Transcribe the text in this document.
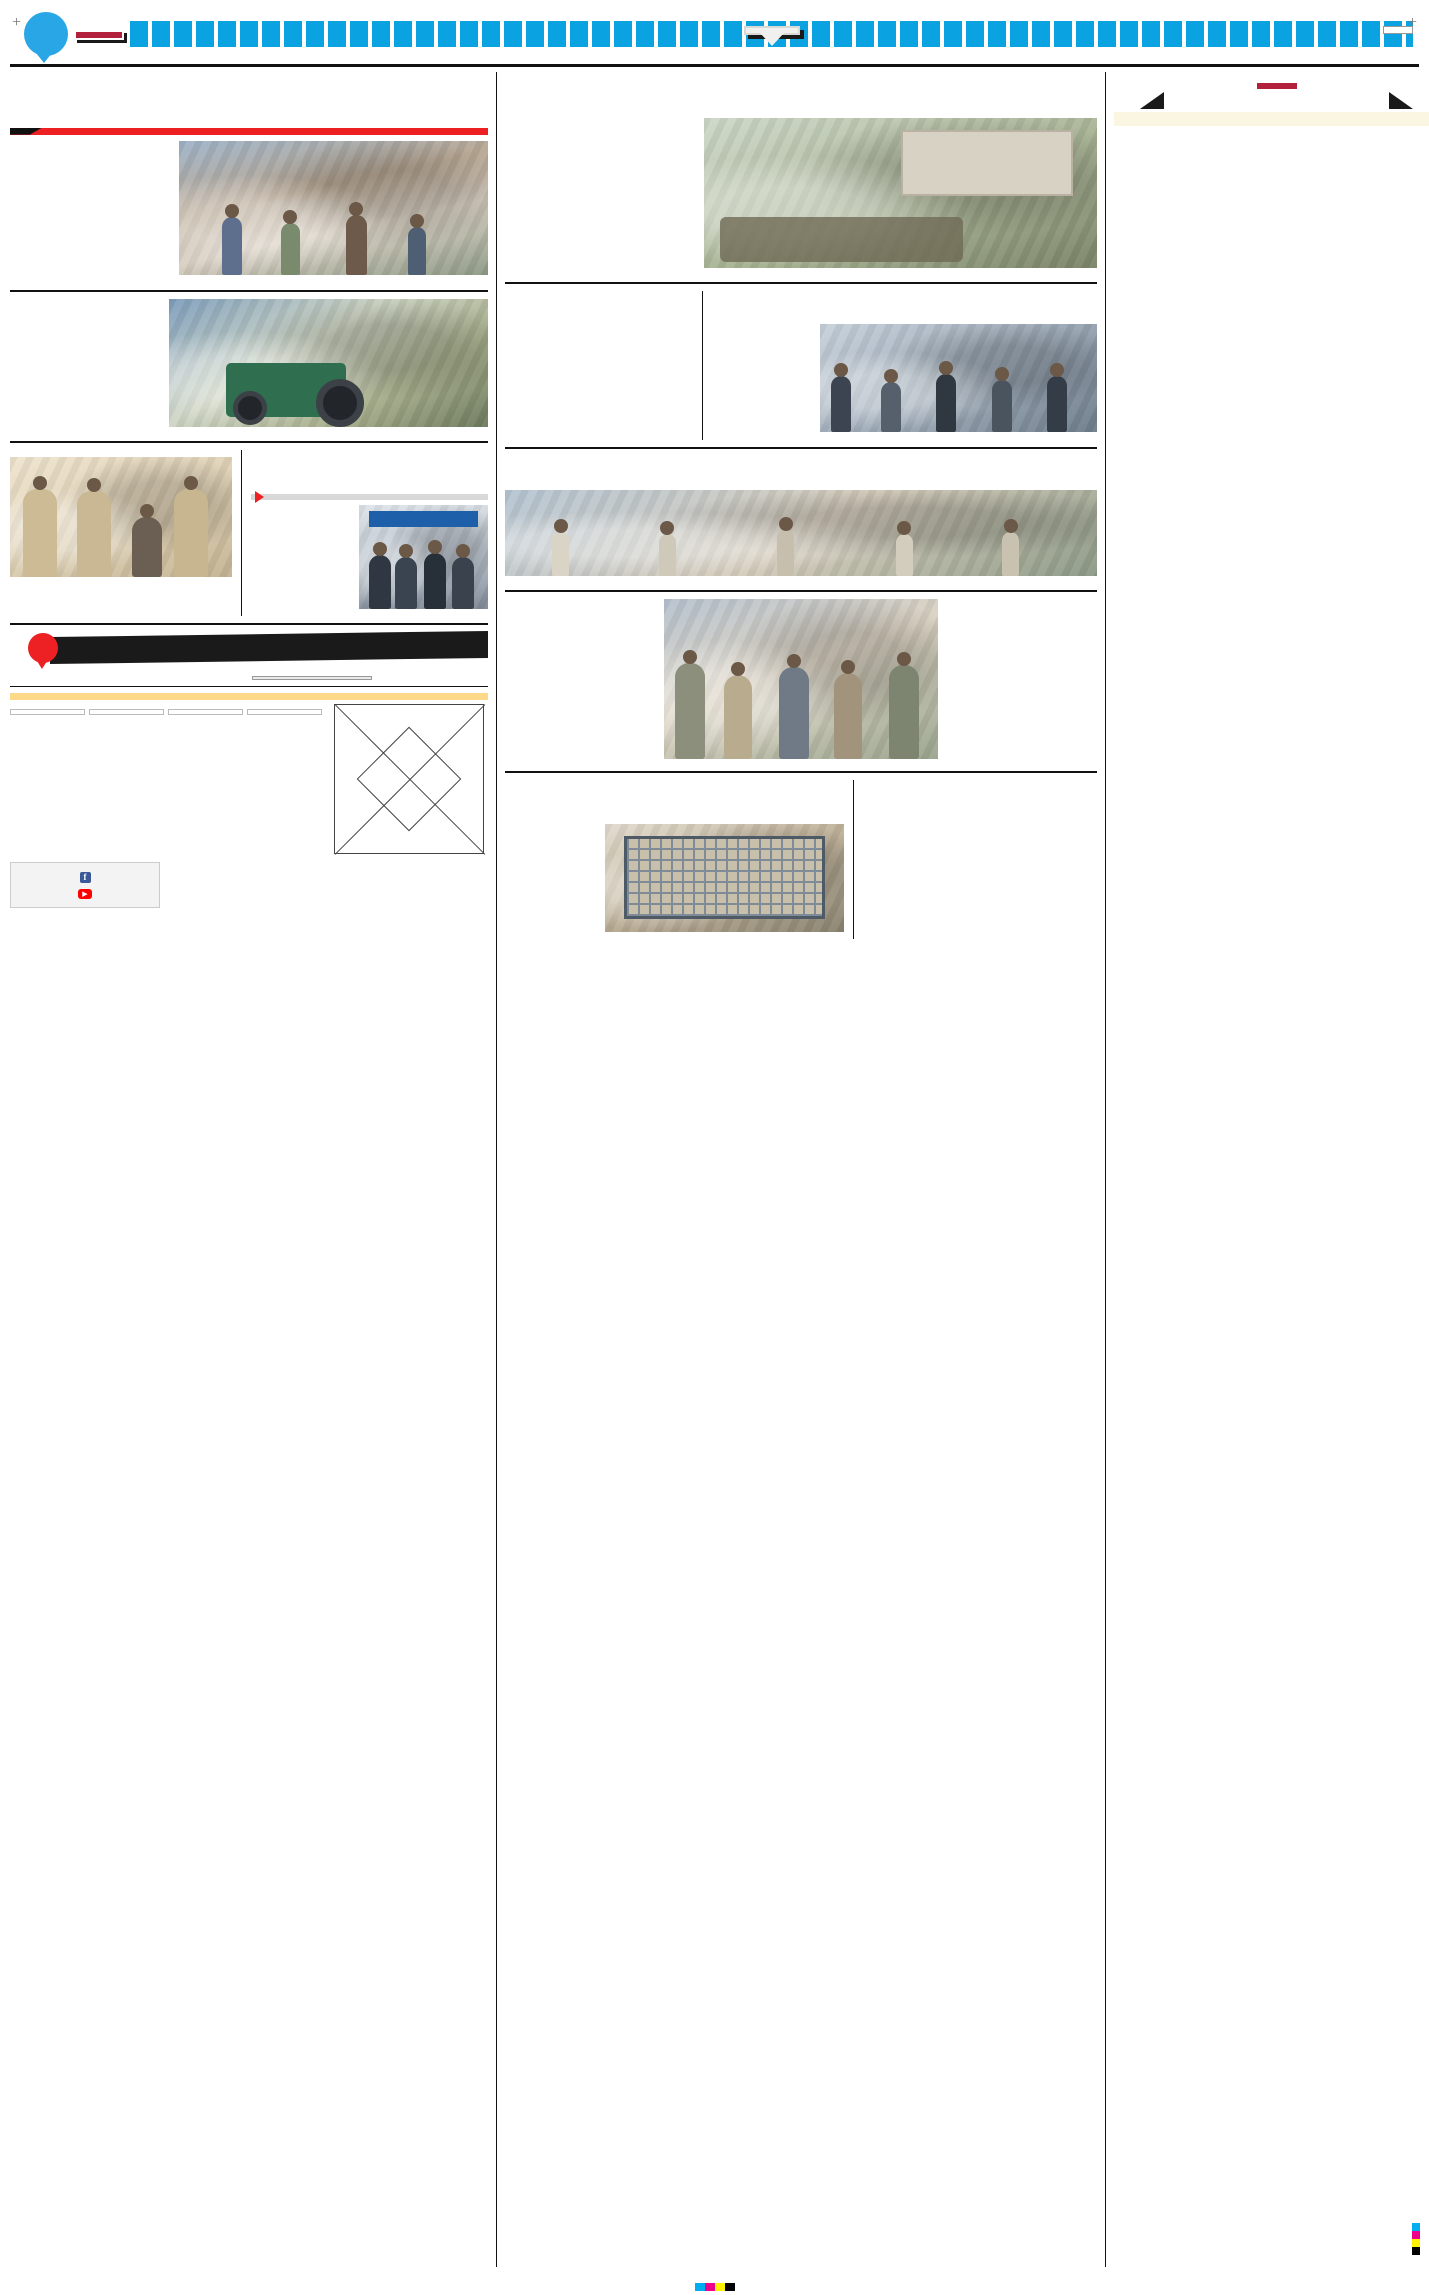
+	+

f
▶
